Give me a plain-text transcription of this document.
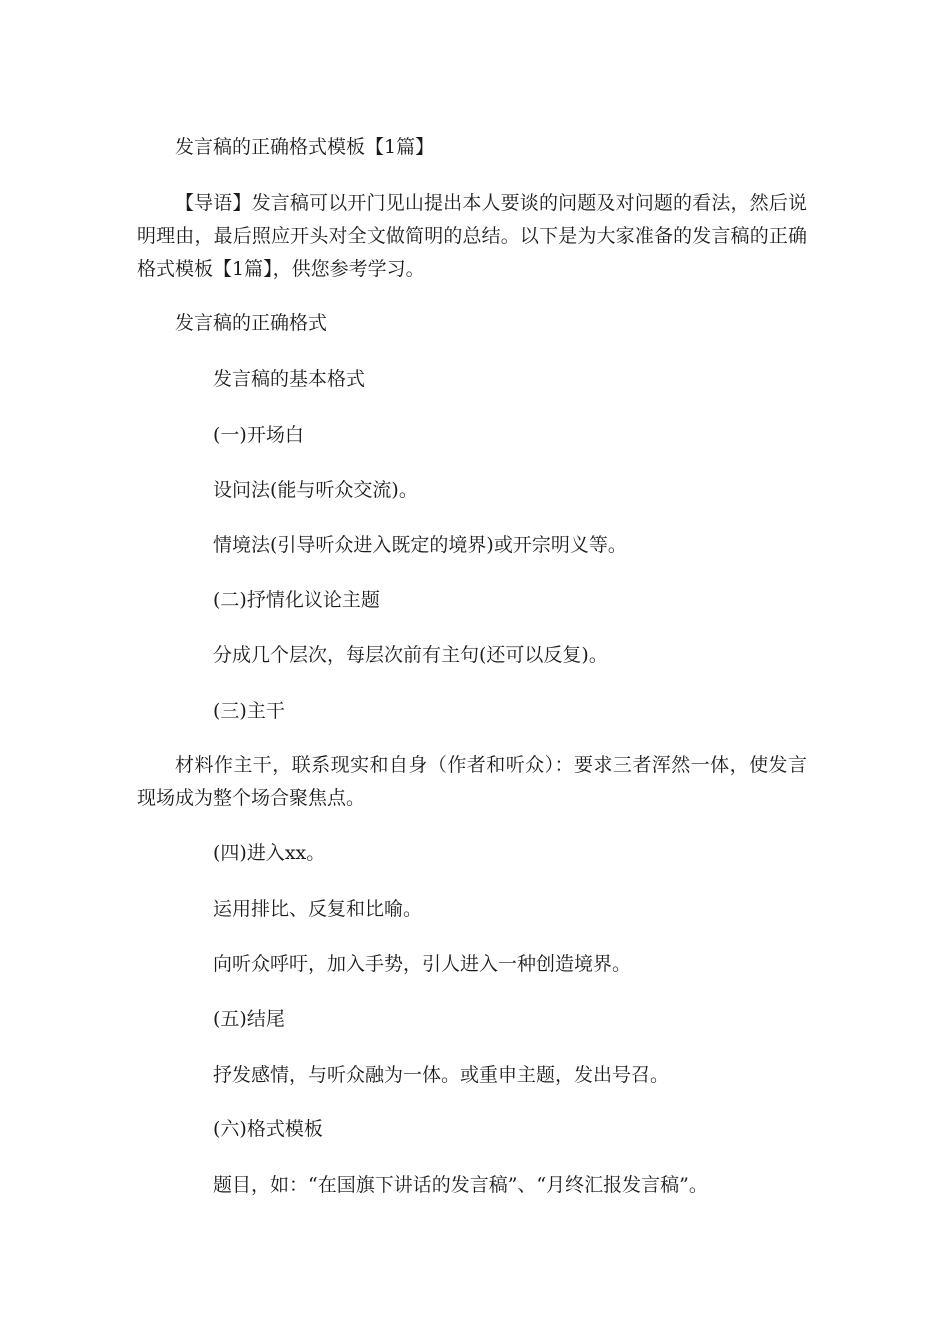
发言稿的正确格式模板【1篇】

【导语】发言稿可以开门见山提出本人要谈的问题及对问题的看法，然后说明理由，最后照应开头对全文做简明的总结。以下是为大家准备的发言稿的正确格式模板【1篇】，供您参考学习。

发言稿的正确格式

发言稿的基本格式

(一)开场白

设问法(能与听众交流)。

情境法(引导听众进入既定的境界)或开宗明义等。

(二)抒情化议论主题

分成几个层次，每层次前有主句(还可以反复)。

(三)主干

材料作主干，联系现实和自身（作者和听众）：要求三者浑然一体，使发言现场成为整个场合聚焦点。

(四)进入xx。

运用排比、反复和比喻。

向听众呼吁，加入手势，引人进入一种创造境界。

(五)结尾

抒发感情，与听众融为一体。或重申主题，发出号召。

(六)格式模板

题目，如：“在国旗下讲话的发言稿”、“月终汇报发言稿”。
